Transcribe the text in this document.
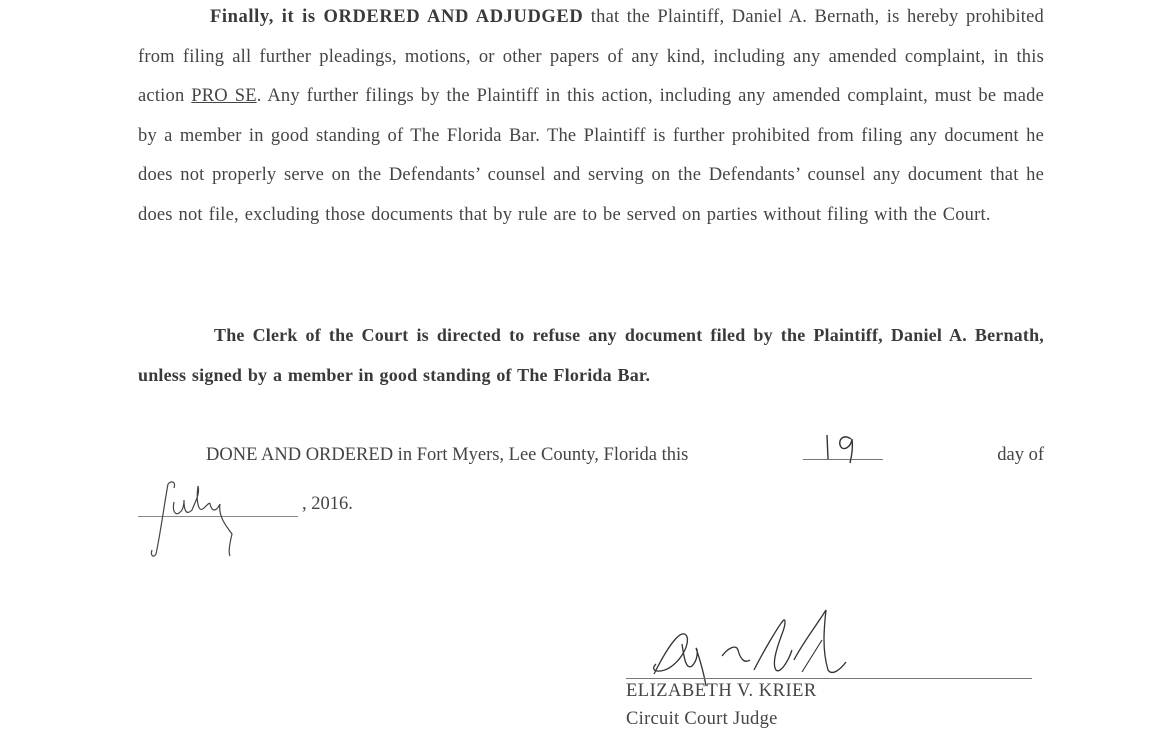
Finally, it is ORDERED AND ADJUDGED that the Plaintiff, Daniel A. Bernath, is hereby prohibited from filing all further pleadings, motions, or other papers of any kind, including any amended complaint, in this action PRO SE. Any further filings by the Plaintiff in this action, including any amended complaint, must be made by a member in good standing of The Florida Bar. The Plaintiff is further prohibited from filing any document he does not properly serve on the Defendants’ counsel and serving on the Defendants’ counsel any document that he does not file, excluding those documents that by rule are to be served on parties without filing with the Court.
The Clerk of the Court is directed to refuse any document filed by the Plaintiff, Daniel A. Bernath, unless signed by a member in good standing of The Florida Bar.
DONE AND ORDERED in Fort Myers, Lee County, Florida this	day of
, 2016.
ELIZABETH V. KRIER
Circuit Court Judge
